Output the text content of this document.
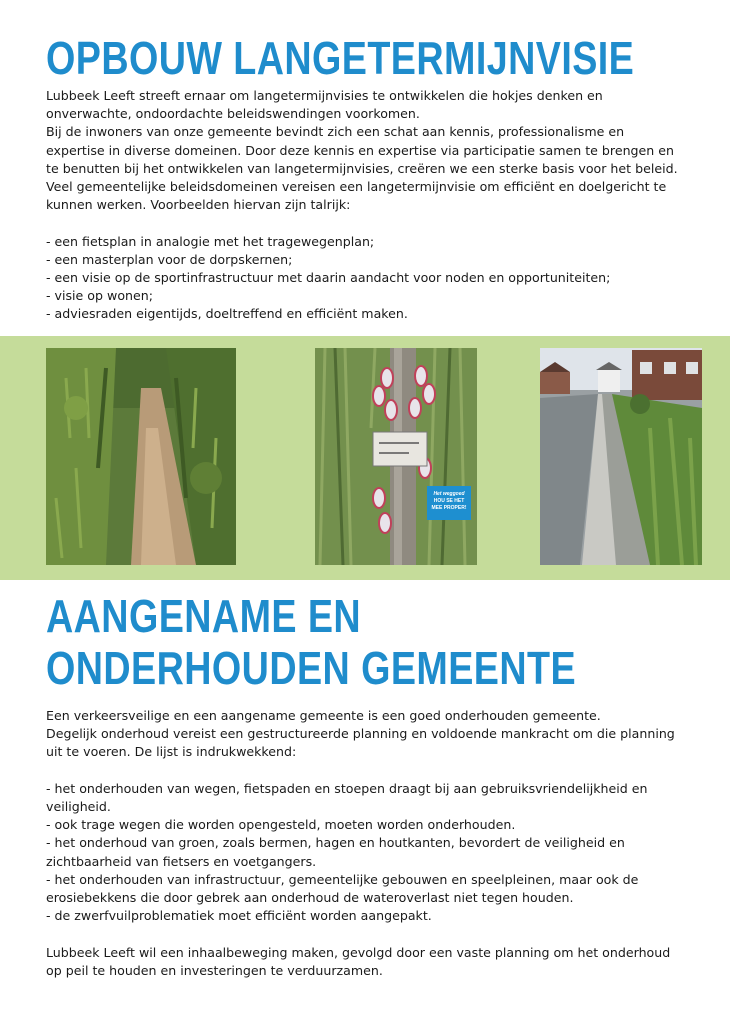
OPBOUW LANGETERMIJNVISIE

Lubbeek Leeft streeft ernaar om langetermijnvisies te ontwikkelen die hokjes denken en onverwachte, ondoordachte beleidswendingen voorkomen.

Bij de inwoners van onze gemeente bevindt zich een schat aan kennis, professionalisme en expertise in diverse domeinen. Door deze kennis en expertise via participatie samen te brengen en te benutten bij het ontwikkelen van langetermijnvisies, creëren we een sterke basis voor het beleid.

Veel gemeentelijke beleidsdomeinen vereisen een langetermijnvisie om efficiënt en doelgericht te kunnen werken. Voorbeelden hiervan zijn talrijk:

- een fietsplan in analogie met het tragewegenplan;

- een masterplan voor de dorpskernen;

- een visie op de sportinfrastructuur met daarin aandacht voor noden en opportuniteiten;

- visie op wonen;

- adviesraden eigentijds, doeltreffend en efficiënt maken.

Het weggoed
HOU SE HET
MEE PROPER!
AANGENAME EN
ONDERHOUDEN GEMEENTE

Een verkeersveilige en een aangename gemeente is een goed onderhouden gemeente.

Degelijk onderhoud vereist een gestructureerde planning en voldoende mankracht om die planning uit te voeren. De lijst is indrukwekkend:

- het onderhouden van wegen, fietspaden en stoepen draagt bij aan gebruiksvriendelijkheid en veiligheid.

- ook trage wegen die worden opengesteld, moeten worden onderhouden.

- het onderhoud van groen, zoals bermen, hagen en houtkanten, bevordert de veiligheid en zichtbaarheid van fietsers en voetgangers.

- het onderhouden van infrastructuur, gemeentelijke gebouwen en speelpleinen, maar ook de erosiebekkens die door gebrek aan onderhoud de wateroverlast niet tegen houden.

- de zwerfvuilproblematiek moet efficiënt worden aangepakt.

Lubbeek Leeft wil een inhaalbeweging maken, gevolgd door een vaste planning om het onderhoud op peil te houden en investeringen te verduurzamen.
